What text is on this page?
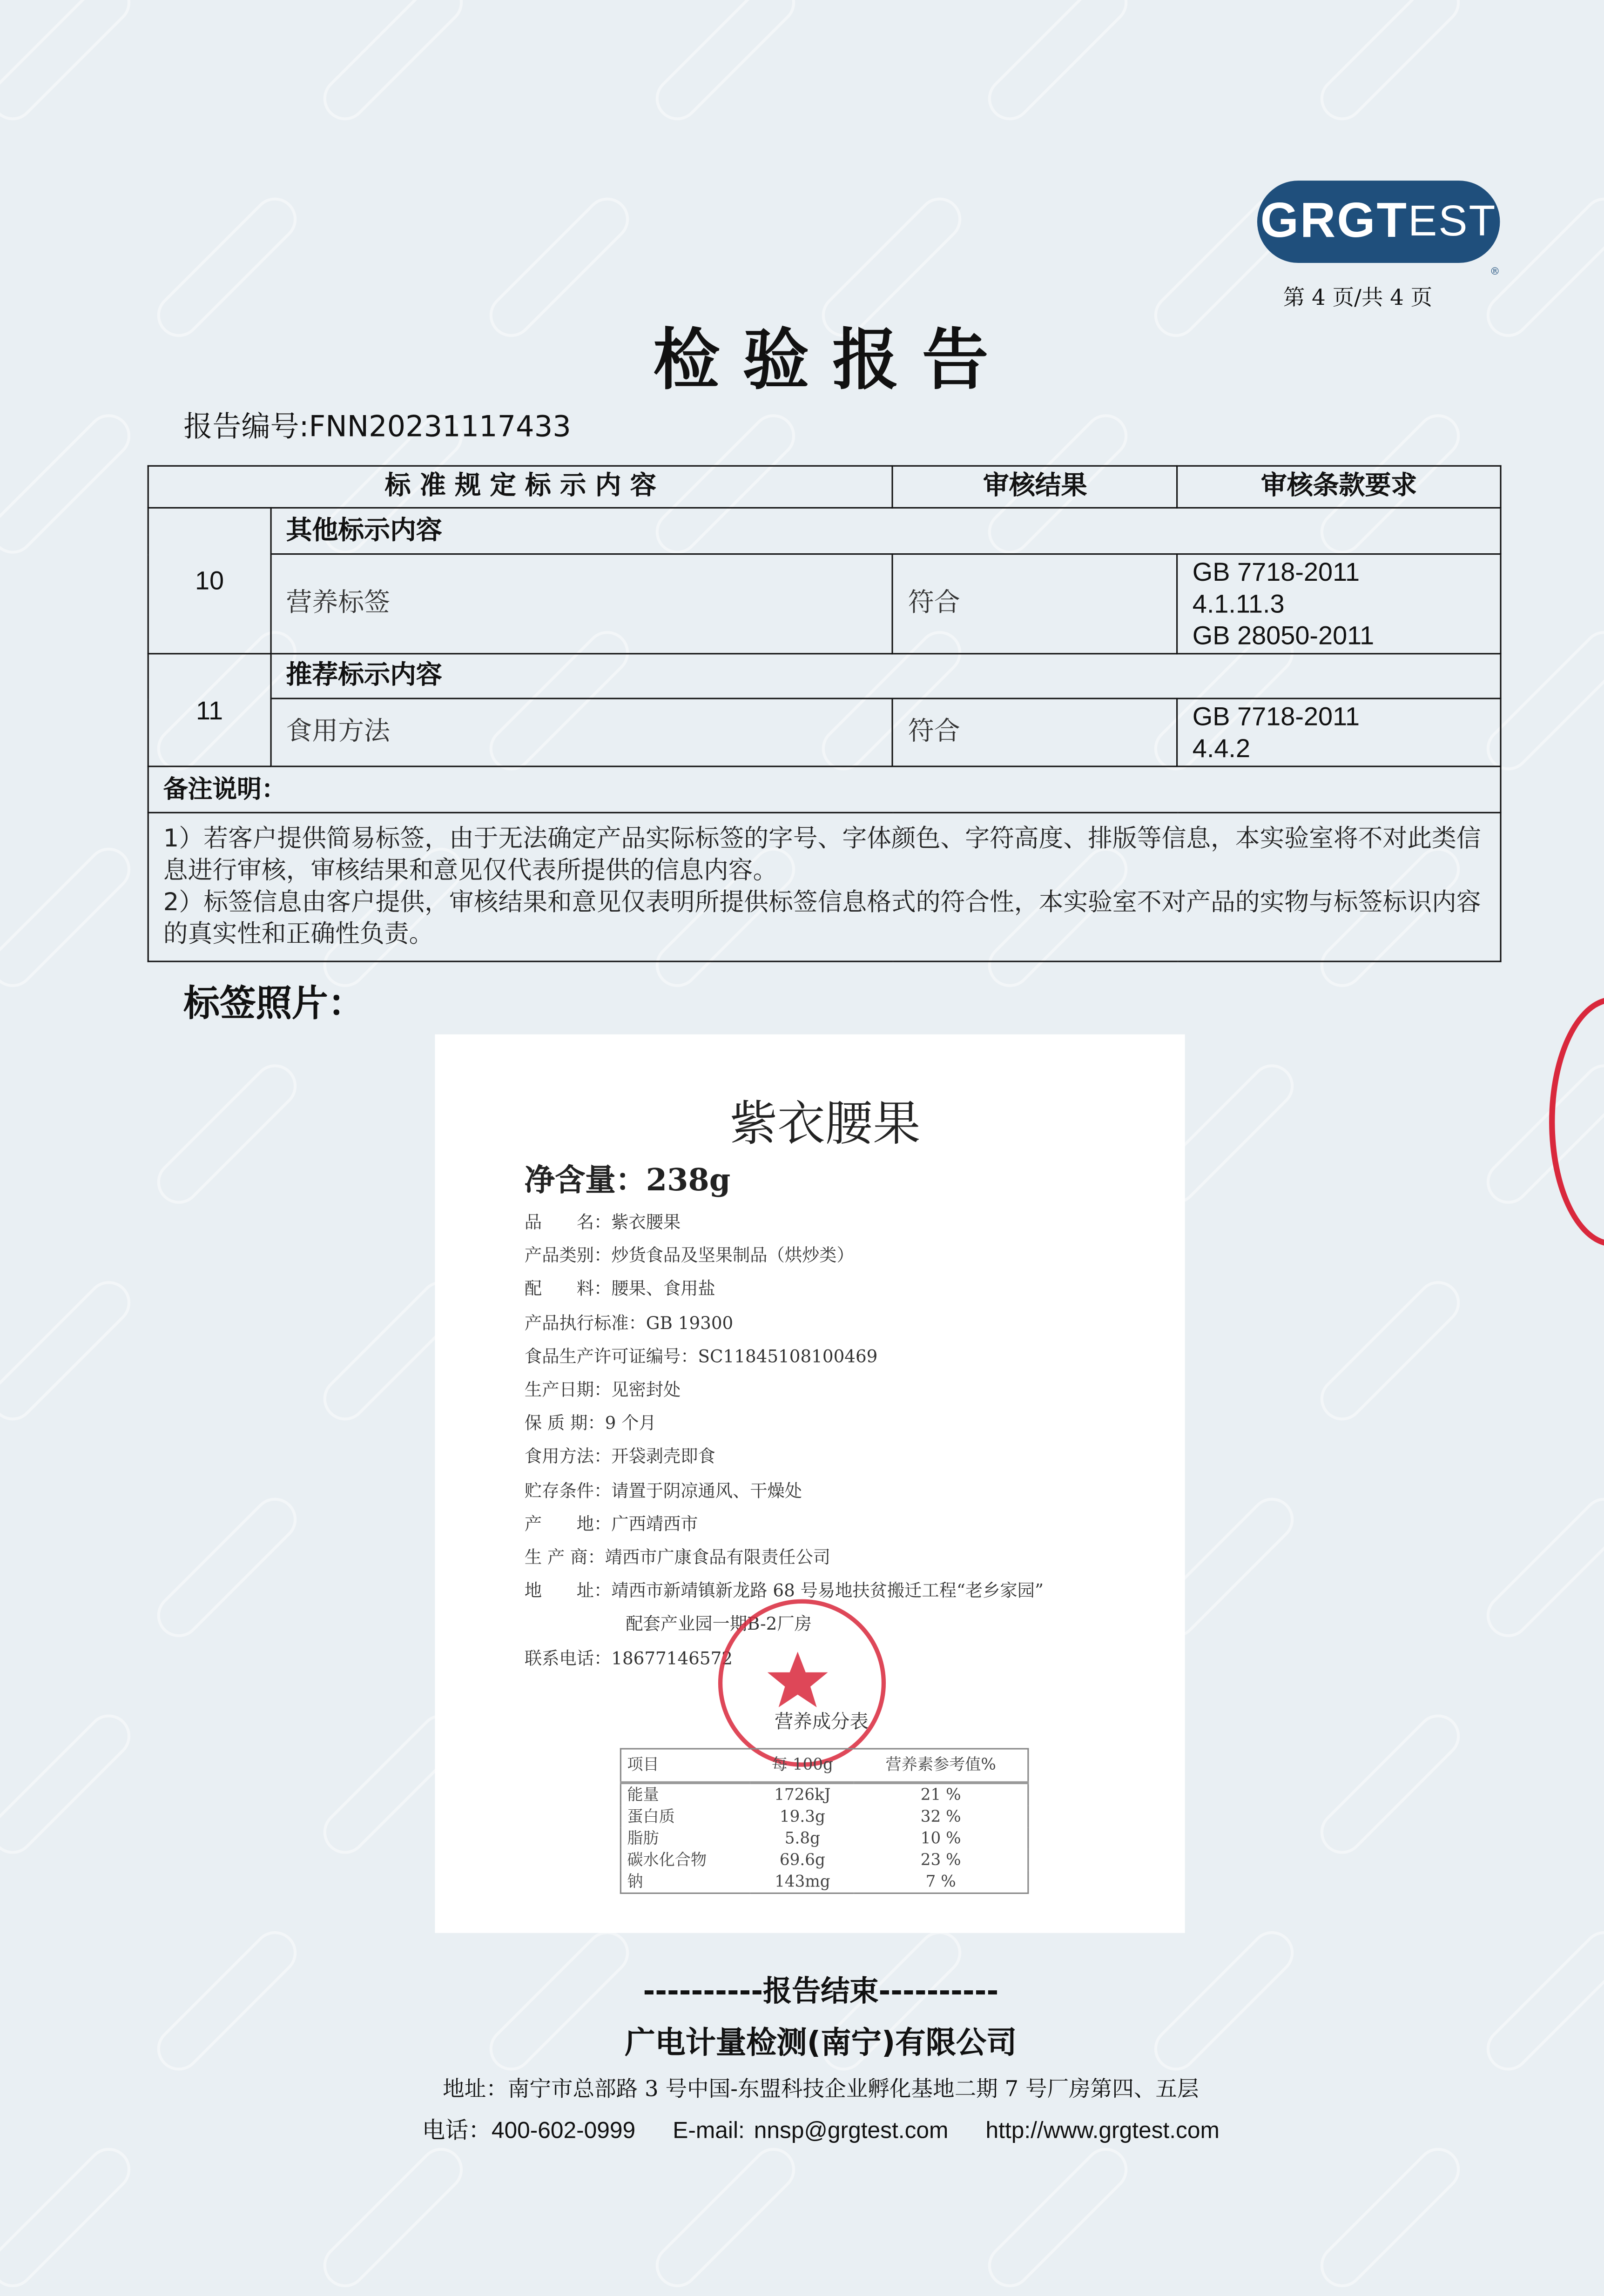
GRGT EST
®
第 4 页/共 4 页
检 验 报 告
报告编号:FNN20231117433
标 准 规 定 标 示 内 容		审核结果	审核条款要求
10	其他标示内容		
	营养标签	符合	GB 7718-2011
4.1.11.3
GB 28050-2011

11	推荐标示内容		
	食用方法	符合	GB 7718-2011
4.4.2

备注说明：			

1）若客户提供简易标签，由于无法确定产品实际标签的字号、字体颜色、字符高度、排版等信息，本实验室将不对此类信息进行审核，审核结果和意见仅代表所提供的信息内容。
2）标签信息由客户提供，审核结果和意见仅表明所提供标签信息格式的符合性，本实验室不对产品的实物与标签标识内容的真实性和正确性负责。			
标签照片：
紫衣腰果
净含量：238g
品　　名：紫衣腰果
产品类别：炒货食品及坚果制品（烘炒类）
配　　料：腰果、食用盐
产品执行标准：GB 19300
食品生产许可证编号：SC11845108100469
生产日期：见密封处
保 质 期：9 个月
食用方法：开袋剥壳即食
贮存条件：请置于阴凉通风、干燥处
产　　地：广西靖西市
生 产 商：靖西市广康食品有限责任公司
地　　址：靖西市新靖镇新龙路 68 号易地扶贫搬迁工程“老乡家园”
配套产业园一期B-2厂房
联系电话：18677146572
营养成分表
项目	每 100g	营养素参考值%
能量	1726kJ	21 %
蛋白质	19.3g	32 %
脂肪	5.8g	10 %
碳水化合物	69.6g	23 %
钠	143mg	7 %
----------报告结束----------
广电计量检测(南宁)有限公司
地址：南宁市总部路 3 号中国-东盟科技企业孵化基地二期 7 号厂房第四、五层
电话：400-602-0999	E-mail: nnsp@grgtest.com	http://www.grgtest.com
